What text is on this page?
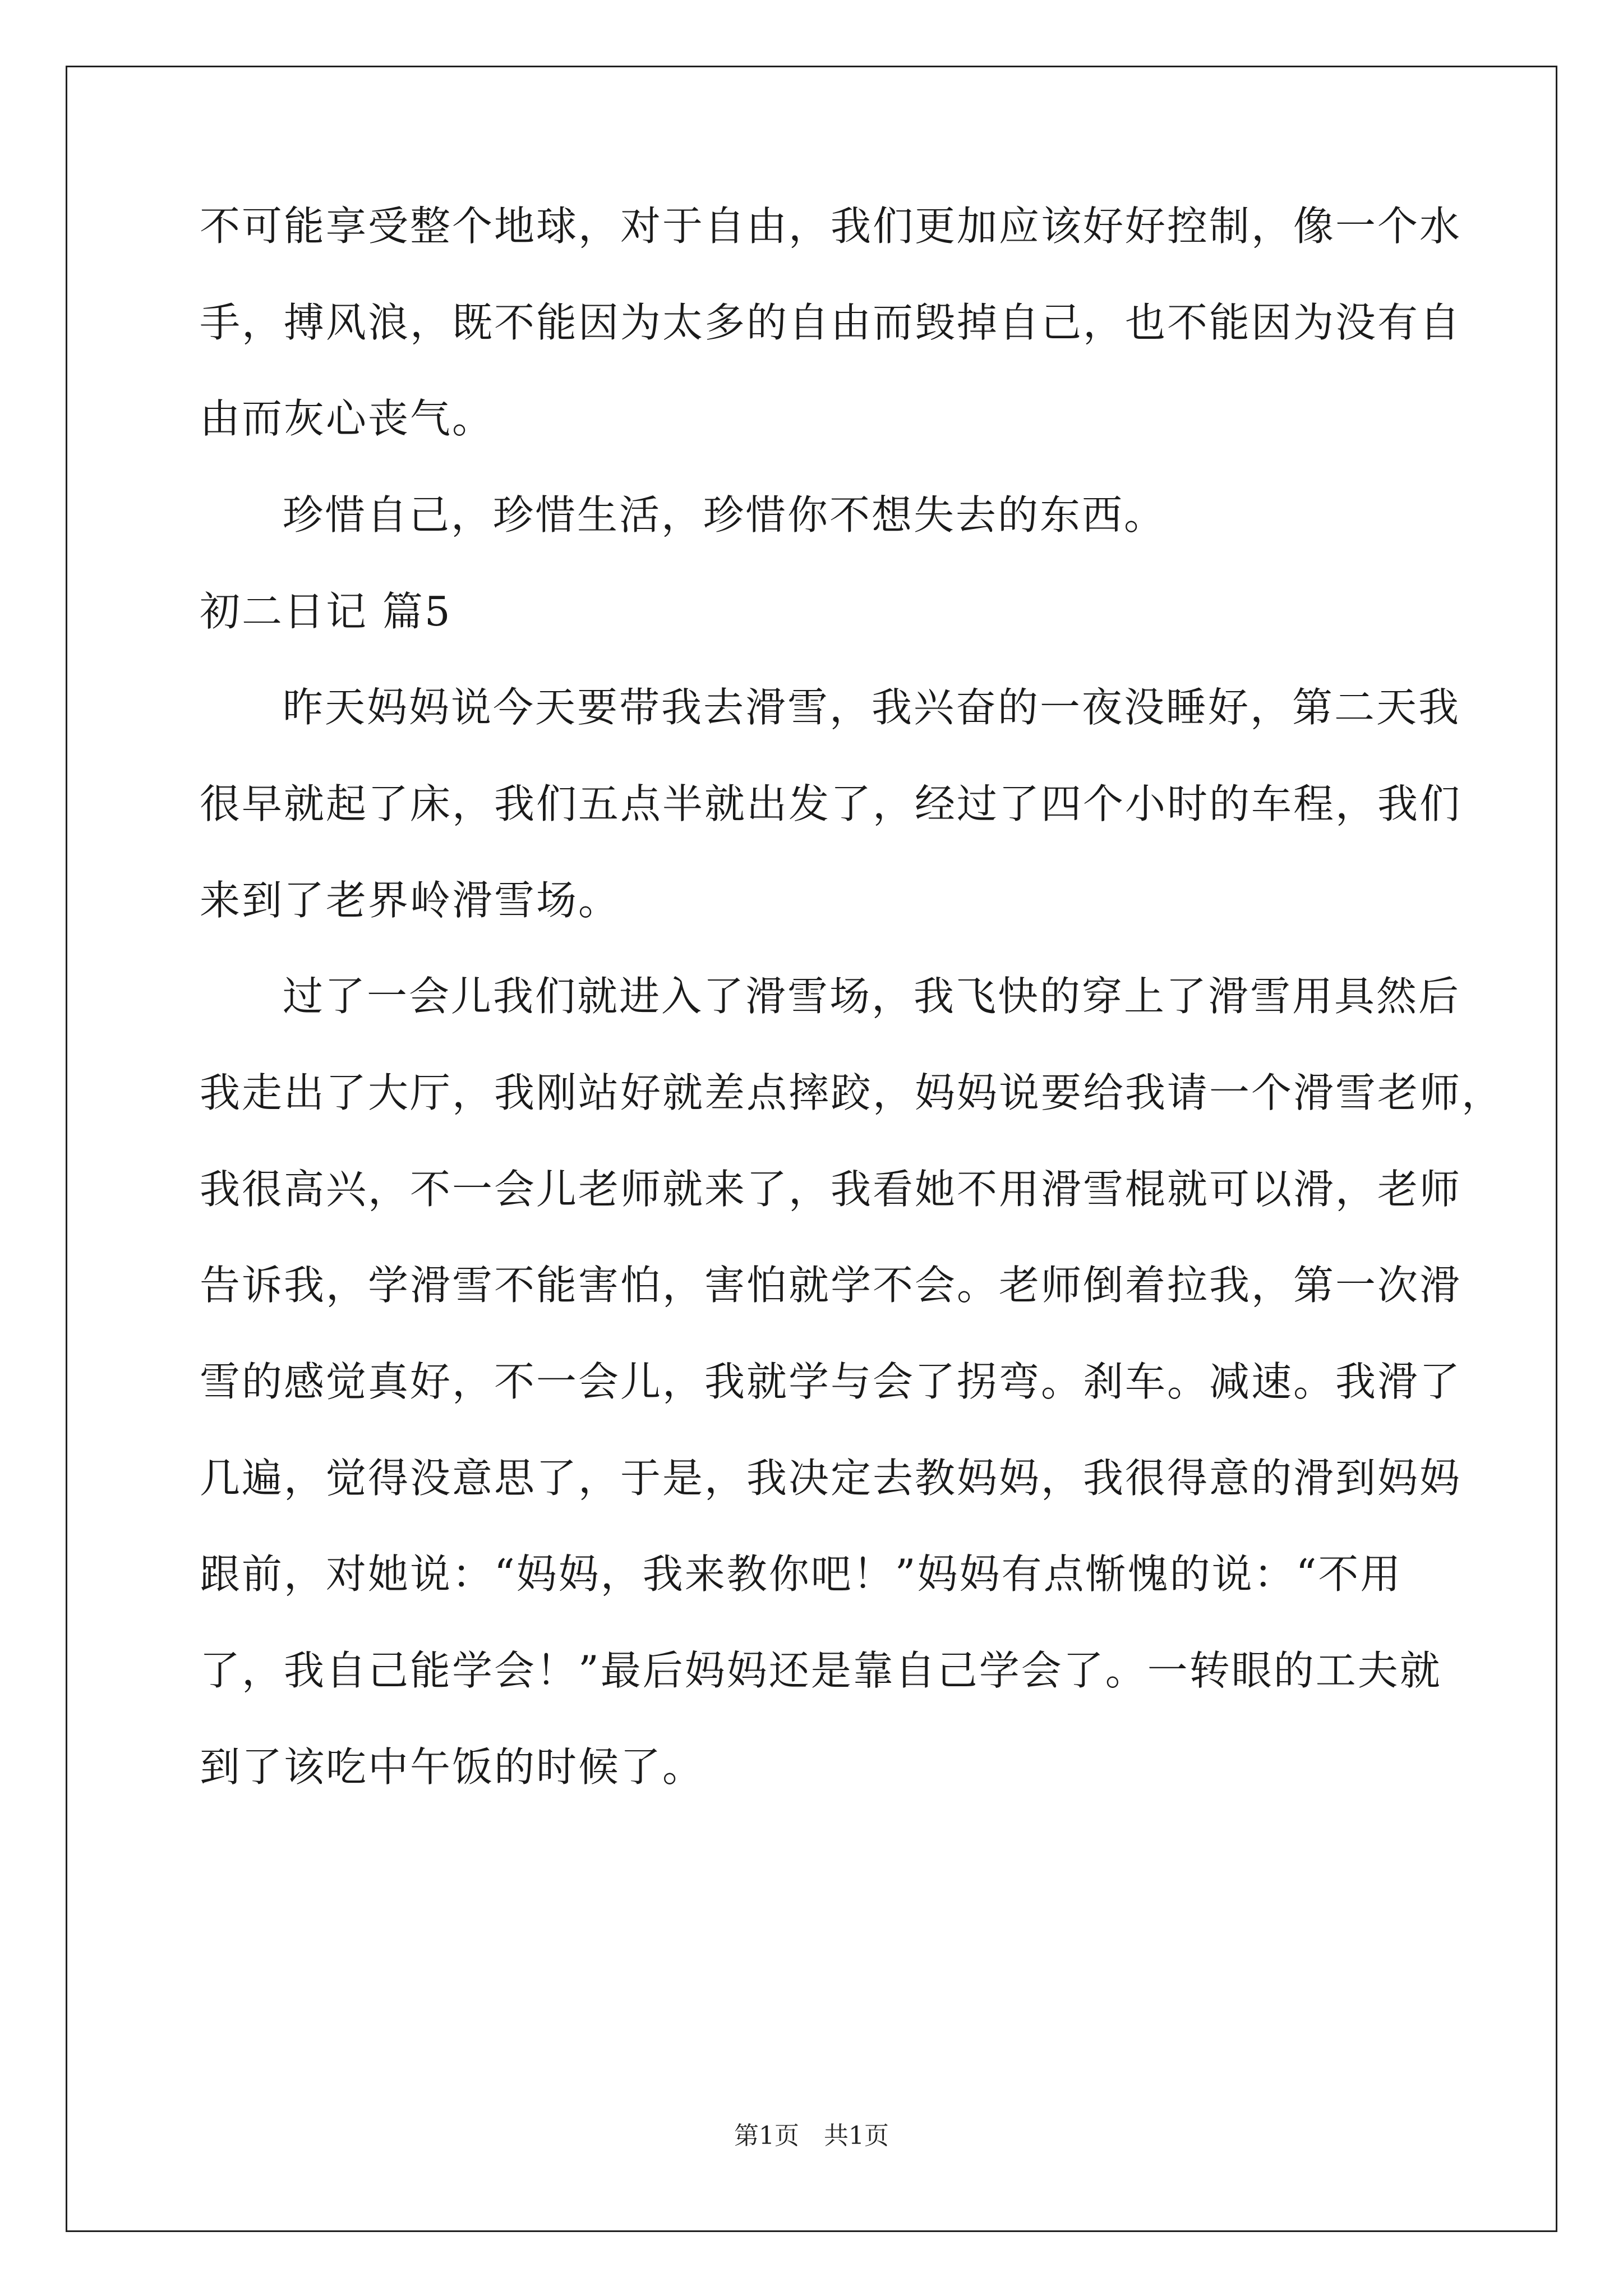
不可能享受整个地球，对于自由，我们更加应该好好控制，像一个水
手，搏风浪，既不能因为太多的自由而毁掉自己，也不能因为没有自
由而灰心丧气。
珍惜自己，珍惜生活，珍惜你不想失去的东西。
初二日记 篇5
昨天妈妈说今天要带我去滑雪，我兴奋的一夜没睡好，第二天我
很早就起了床，我们五点半就出发了，经过了四个小时的车程，我们
来到了老界岭滑雪场。
过了一会儿我们就进入了滑雪场，我飞快的穿上了滑雪用具然后
我走出了大厅，我刚站好就差点摔跤，妈妈说要给我请一个滑雪老师，
我很高兴，不一会儿老师就来了，我看她不用滑雪棍就可以滑，老师
告诉我，学滑雪不能害怕，害怕就学不会。老师倒着拉我，第一次滑
雪的感觉真好，不一会儿，我就学与会了拐弯。刹车。减速。我滑了
几遍，觉得没意思了，于是，我决定去教妈妈，我很得意的滑到妈妈
跟前，对她说：“妈妈，我来教你吧！”妈妈有点惭愧的说：“不用
了，我自己能学会！”最后妈妈还是靠自己学会了。一转眼的工夫就
到了该吃中午饭的时候了。
第1页　共1页
